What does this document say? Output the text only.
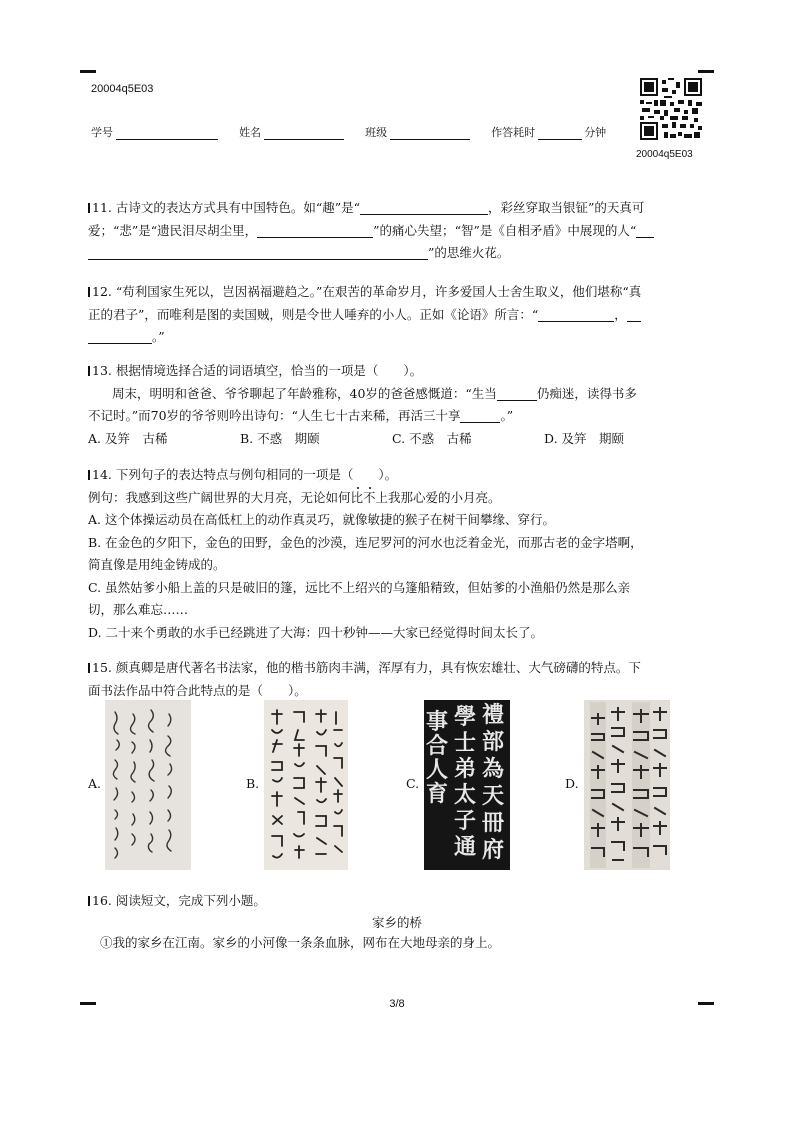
20004q5E03
学号	姓名	班级	作答耗时	分钟
20004q5E03
11. 古诗文的表达方式具有中国特色。如“趣”是“	，彩丝穿取当银钲”的天真可
爱；“悲”是“遗民泪尽胡尘里，	”的痛心失望；“智”是《自相矛盾》中展现的人“
”的思维火花。
12. “苟利国家生死以，岂因祸福避趋之。”在艰苦的革命岁月，许多爱国人士舍生取义，他们堪称“真
正的君子”，而唯利是图的卖国贼，则是令世人唾弃的小人。正如《论语》所言：“	，
。”
13. 根据情境选择合适的词语填空，恰当的一项是（　　）。
周末，明明和爸爸、爷爷聊起了年龄雅称，40岁的爸爸感慨道：“生当	仍痴迷，读得书多
不记时。”而70岁的爷爷则吟出诗句：“人生七十古来稀，再活三十享	。”
A. 及笄　古稀	B. 不惑　期颐	C. 不惑　古稀	D. 及笄　期颐
14. 下列句子的表达特点与例句相同的一项是（　　）。
例句：我感到这些广阔世界的大月亮，无论如何比不上我那心爱的小月亮。
A. 这个体操运动员在高低杠上的动作真灵巧，就像敏捷的猴子在树干间攀缘、穿行。
B. 在金色的夕阳下，金色的田野，金色的沙漠，连尼罗河的河水也泛着金光，而那古老的金字塔啊，
简直像是用纯金铸成的。
C. 虽然姑爹小船上盖的只是破旧的篷，远比不上绍兴的乌篷船精致，但姑爹的小渔船仍然是那么亲
切，那么难忘……
D. 二十来个勇敢的水手已经跳进了大海：四十秒钟——大家已经觉得时间太长了。
15. 颜真卿是唐代著名书法家，他的楷书筋肉丰满，浑厚有力，具有恢宏雄壮、大气磅礴的特点。下
面书法作品中符合此特点的是（　　）。
A.	B.	C.
事合人育
學士弟太子通
禮部為天冊府
D.
16. 阅读短文，完成下列小题。
家乡的桥
①我的家乡在江南。家乡的小河像一条条血脉，网布在大地母亲的身上。
3/8
